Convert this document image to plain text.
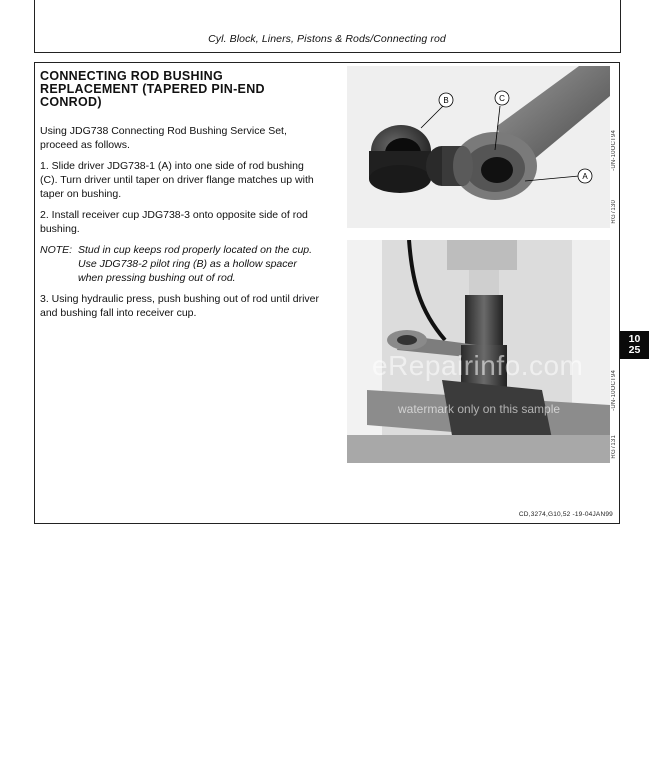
Cyl. Block, Liners, Pistons & Rods/Connecting rod
CONNECTING ROD BUSHING
REPLACEMENT (TAPERED PIN-END
CONROD)

Using JDG738 Connecting Rod Bushing Service Set, proceed as follows.

1. Slide driver JDG738-1 (A) into one side of rod bushing (C). Turn driver until taper on driver flange matches up with taper on bushing.

2. Install receiver cup JDG738-3 onto opposite side of rod bushing.

NOTE: Stud in cup keeps rod properly located on the cup. Use JDG738-2 pilot ring (B) as a hollow spacer when pressing bushing out of rod.

3. Using hydraulic press, push bushing out of rod until driver and bushing fall into receiver cup.

B	C
A
-UN-10OCT94
RG7130
-UN-10OCT94
RG7131
eRepairinfo.com
watermark only on this sample
10
25
CD,3274,G10,52 -19-04JAN99
